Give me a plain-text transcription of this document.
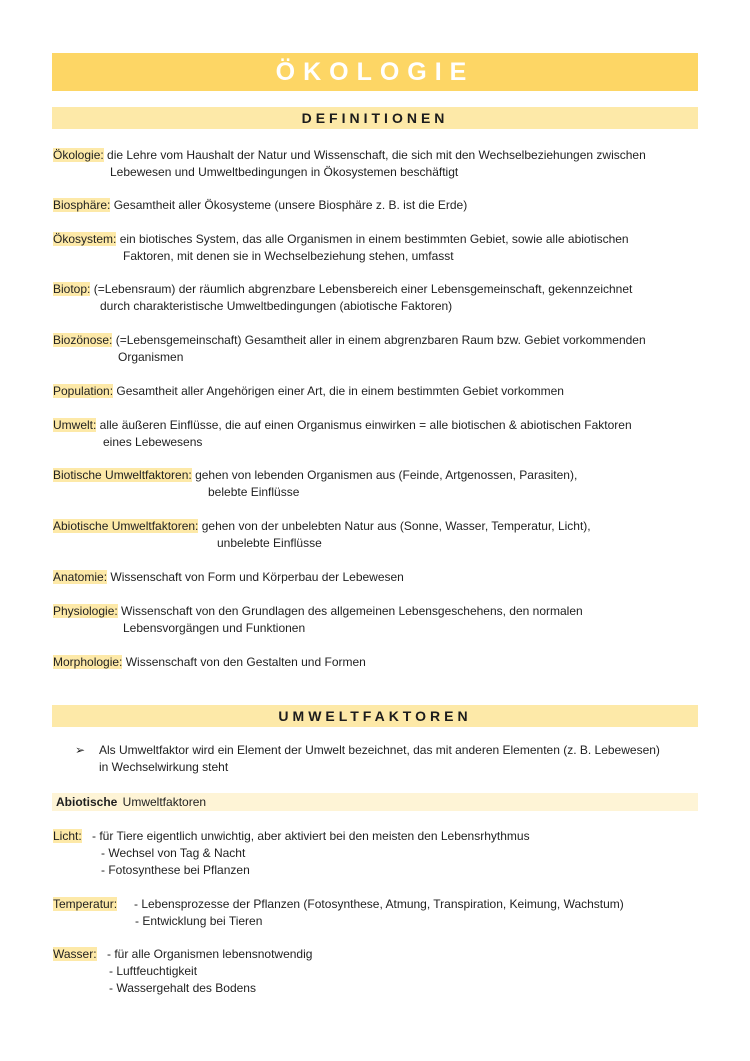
ÖKOLOGIE
DEFINITIONEN
Ökologie: die Lehre vom Haushalt der Natur und Wissenschaft, die sich mit den Wechselbeziehungen zwischen
Lebewesen und Umweltbedingungen in Ökosystemen beschäftigt
Biosphäre: Gesamtheit aller Ökosysteme (unsere Biosphäre z. B. ist die Erde)
Ökosystem: ein biotisches System, das alle Organismen in einem bestimmten Gebiet, sowie alle abiotischen
Faktoren, mit denen sie in Wechselbeziehung stehen, umfasst
Biotop: (=Lebensraum) der räumlich abgrenzbare Lebensbereich einer Lebensgemeinschaft, gekennzeichnet
durch charakteristische Umweltbedingungen (abiotische Faktoren)
Biozönose: (=Lebensgemeinschaft) Gesamtheit aller in einem abgrenzbaren Raum bzw. Gebiet vorkommenden
Organismen
Population: Gesamtheit aller Angehörigen einer Art, die in einem bestimmten Gebiet vorkommen
Umwelt: alle äußeren Einflüsse, die auf einen Organismus einwirken = alle biotischen & abiotischen Faktoren
eines Lebewesens
Biotische Umweltfaktoren: gehen von lebenden Organismen aus (Feinde, Artgenossen, Parasiten),
belebte Einflüsse
Abiotische Umweltfaktoren: gehen von der unbelebten Natur aus (Sonne, Wasser, Temperatur, Licht),
unbelebte Einflüsse
Anatomie: Wissenschaft von Form und Körperbau der Lebewesen
Physiologie: Wissenschaft von den Grundlagen des allgemeinen Lebensgeschehens, den normalen
Lebensvorgängen und Funktionen
Morphologie: Wissenschaft von den Gestalten und Formen
UMWELTFAKTOREN
➢ Als Umweltfaktor wird ein Element der Umwelt bezeichnet, das mit anderen Elementen (z. B. Lebewesen)
in Wechselwirkung steht
Abiotische Umweltfaktoren
Licht: - für Tiere eigentlich unwichtig, aber aktiviert bei den meisten den Lebensrhythmus
- Wechsel von Tag & Nacht
- Fotosynthese bei Pflanzen
Temperatur: - Lebensprozesse der Pflanzen (Fotosynthese, Atmung, Transpiration, Keimung, Wachstum)
- Entwicklung bei Tieren
Wasser: - für alle Organismen lebensnotwendig
- Luftfeuchtigkeit
- Wassergehalt des Bodens
